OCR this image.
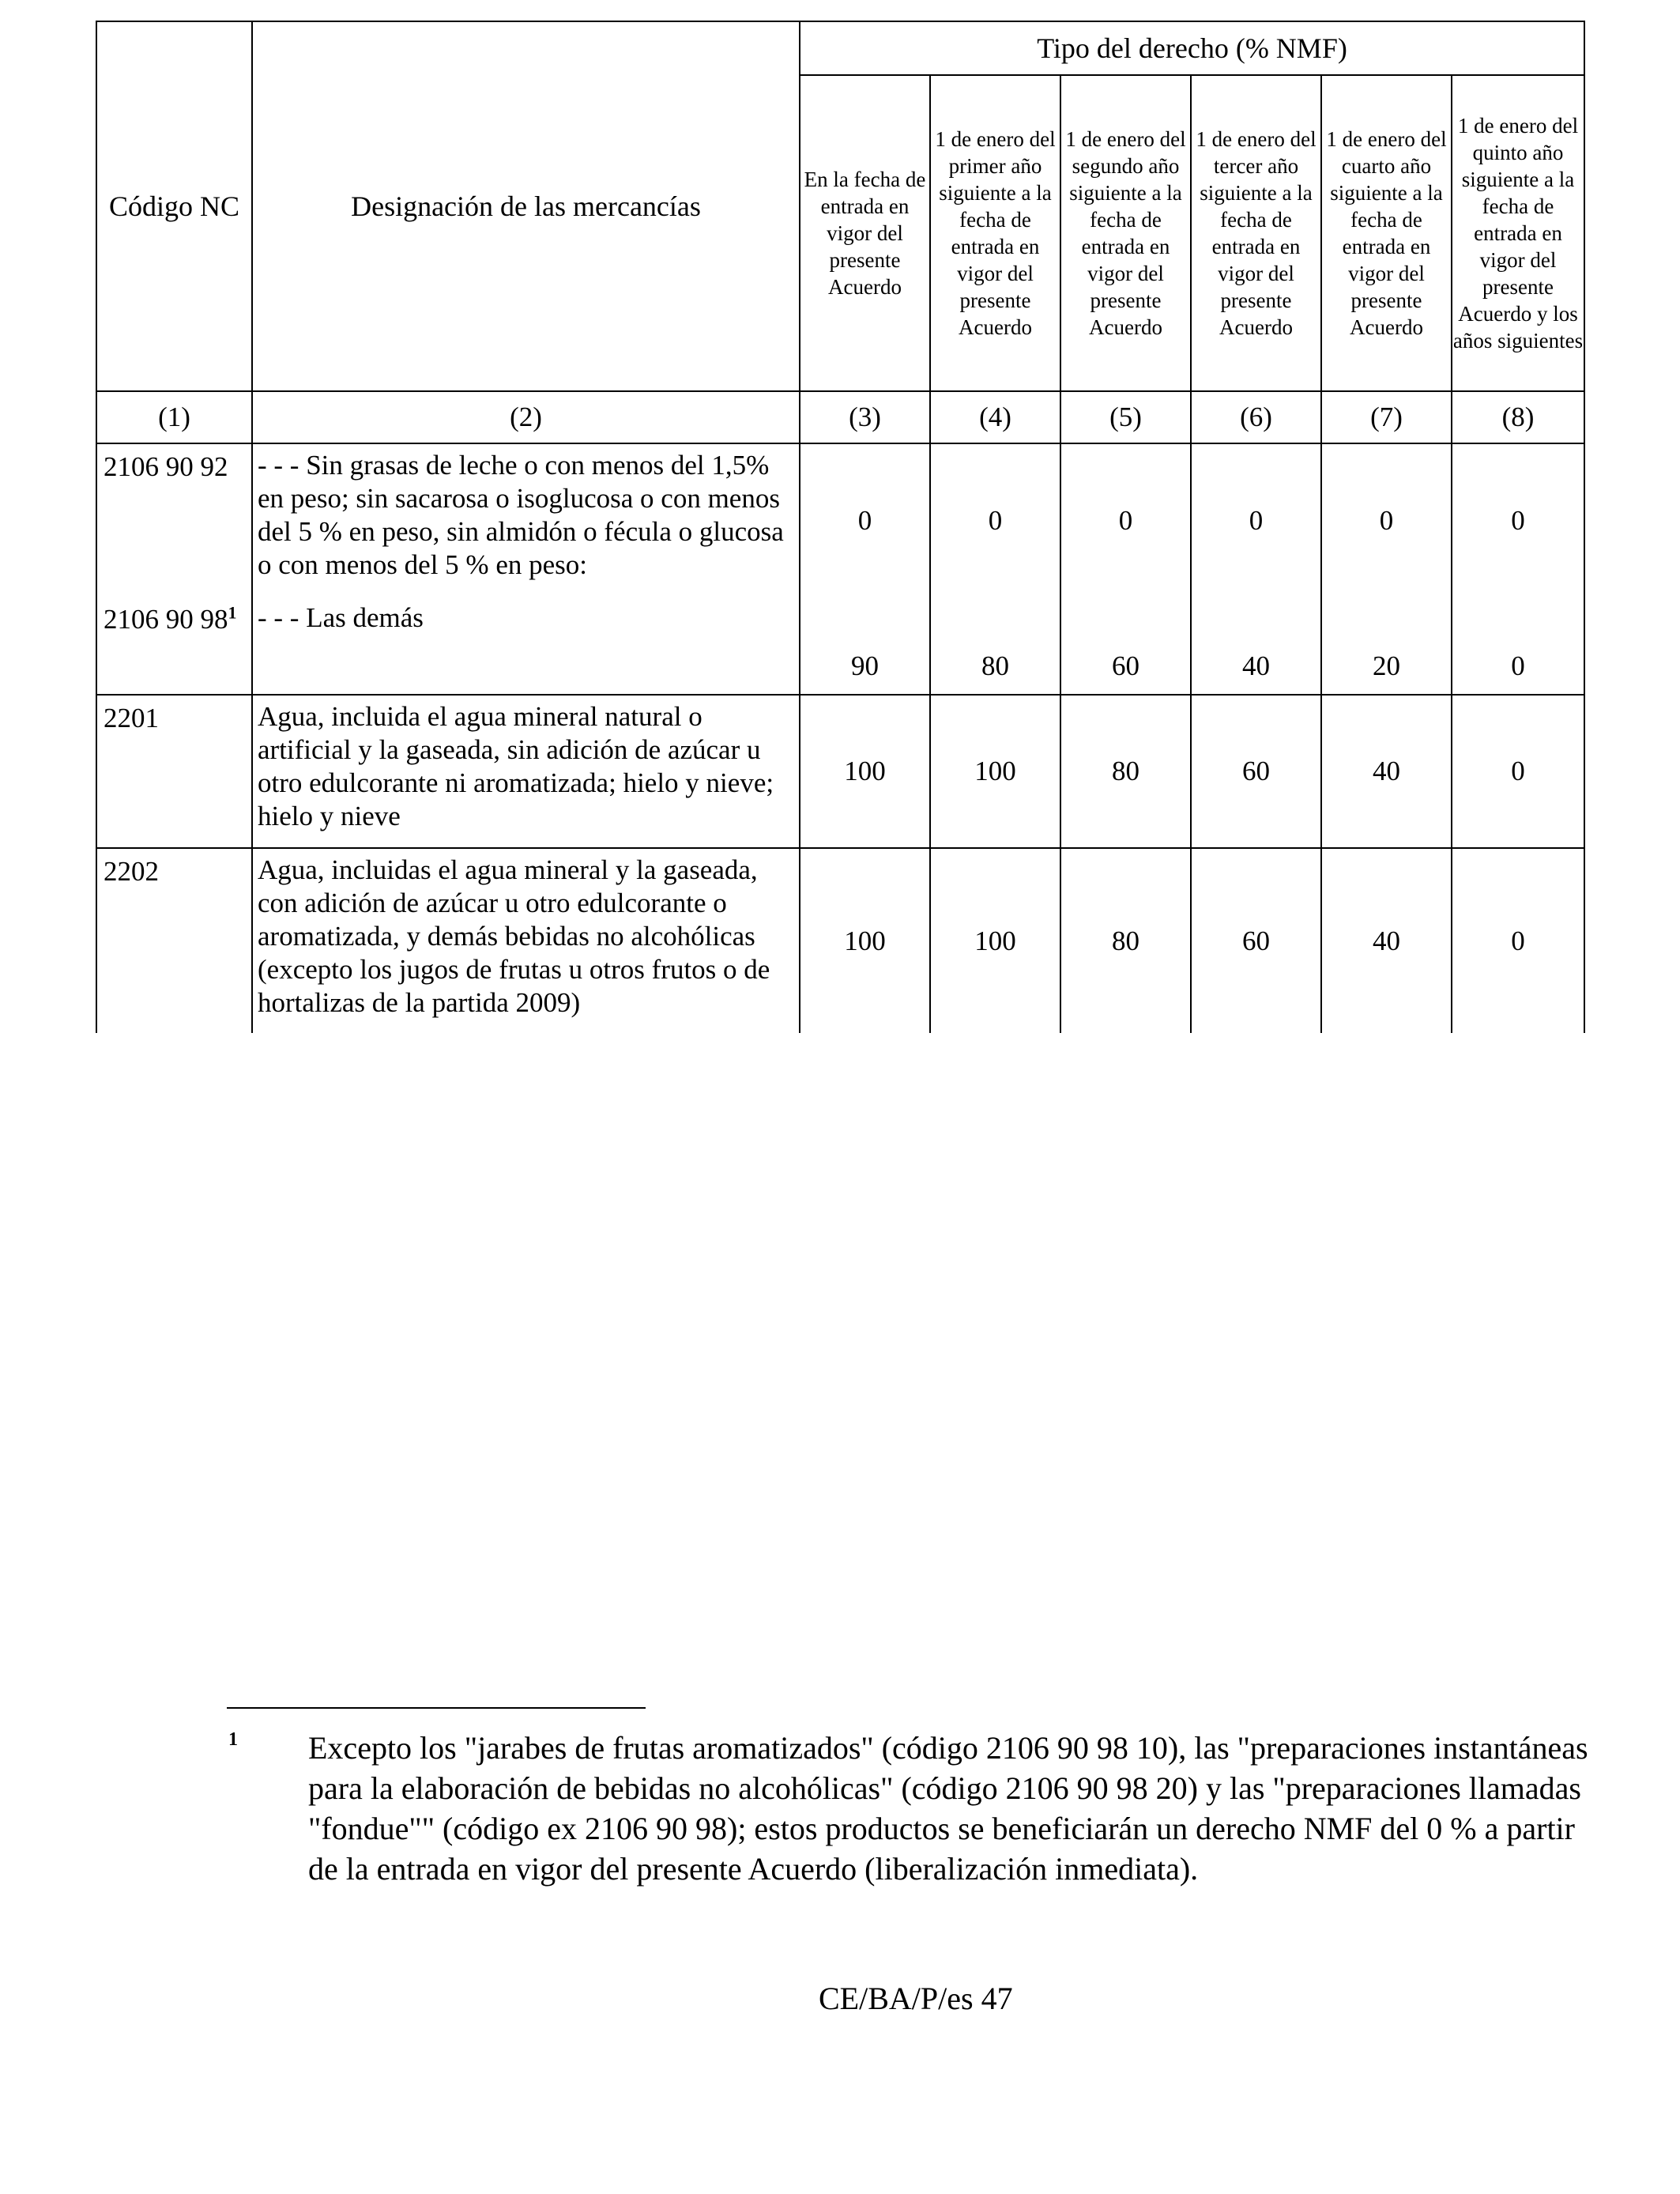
Código NC	Designación de las mercancías	Tipo del derecho (% NMF)					
		En la fecha de entrada en vigor del presente Acuerdo	1 de enero del primer año siguiente a la fecha de entrada en vigor del presente Acuerdo	1 de enero del segundo año siguiente a la fecha de entrada en vigor del presente Acuerdo	1 de enero del tercer año siguiente a la fecha de entrada en vigor del presente Acuerdo	1 de enero del cuarto año siguiente a la fecha de entrada en vigor del presente Acuerdo	1 de enero del quinto año siguiente a la fecha de entrada en vigor del presente Acuerdo y los años siguientes
(1)	(2)	(3)	(4)	(5)	(6)	(7)	(8)
2106 90 92	- - - Sin grasas de leche o con menos del 1,5% en peso; sin sacarosa o isoglucosa o con menos del 5 % en peso, sin almidón o fécula o glucosa o con menos del 5 % en peso:	0	0	0	0	0	0
2106 90 $98^1$	- - - Las demás	90	80	60	40	20	0
2201	Agua, incluida el agua mineral natural o artificial y la gaseada, sin adición de azúcar u otro edulcorante ni aromatizada; hielo y nieve; hielo y nieve	100	100	80	60	40	0
2202	Agua, incluidas el agua mineral y la gaseada, con adición de azúcar u otro edulcorante o aromatizada, y demás bebidas no alcohólicas (excepto los jugos de frutas u otros frutos o de hortalizas de la partida 2009)	100	100	80	60	40	0
1 Excepto los "jarabes de frutas aromatizados" (código 2106 90 98 10), las "preparaciones instantáneas para la elaboración de bebidas no alcohólicas" (código 2106 90 98 20) y las "preparaciones llamadas "fondue"" (código ex 2106 90 98); estos productos se beneficiarán un derecho NMF del 0 % a partir de la entrada en vigor del presente Acuerdo (liberalización inmediata).
CE/BA/P/es 47
